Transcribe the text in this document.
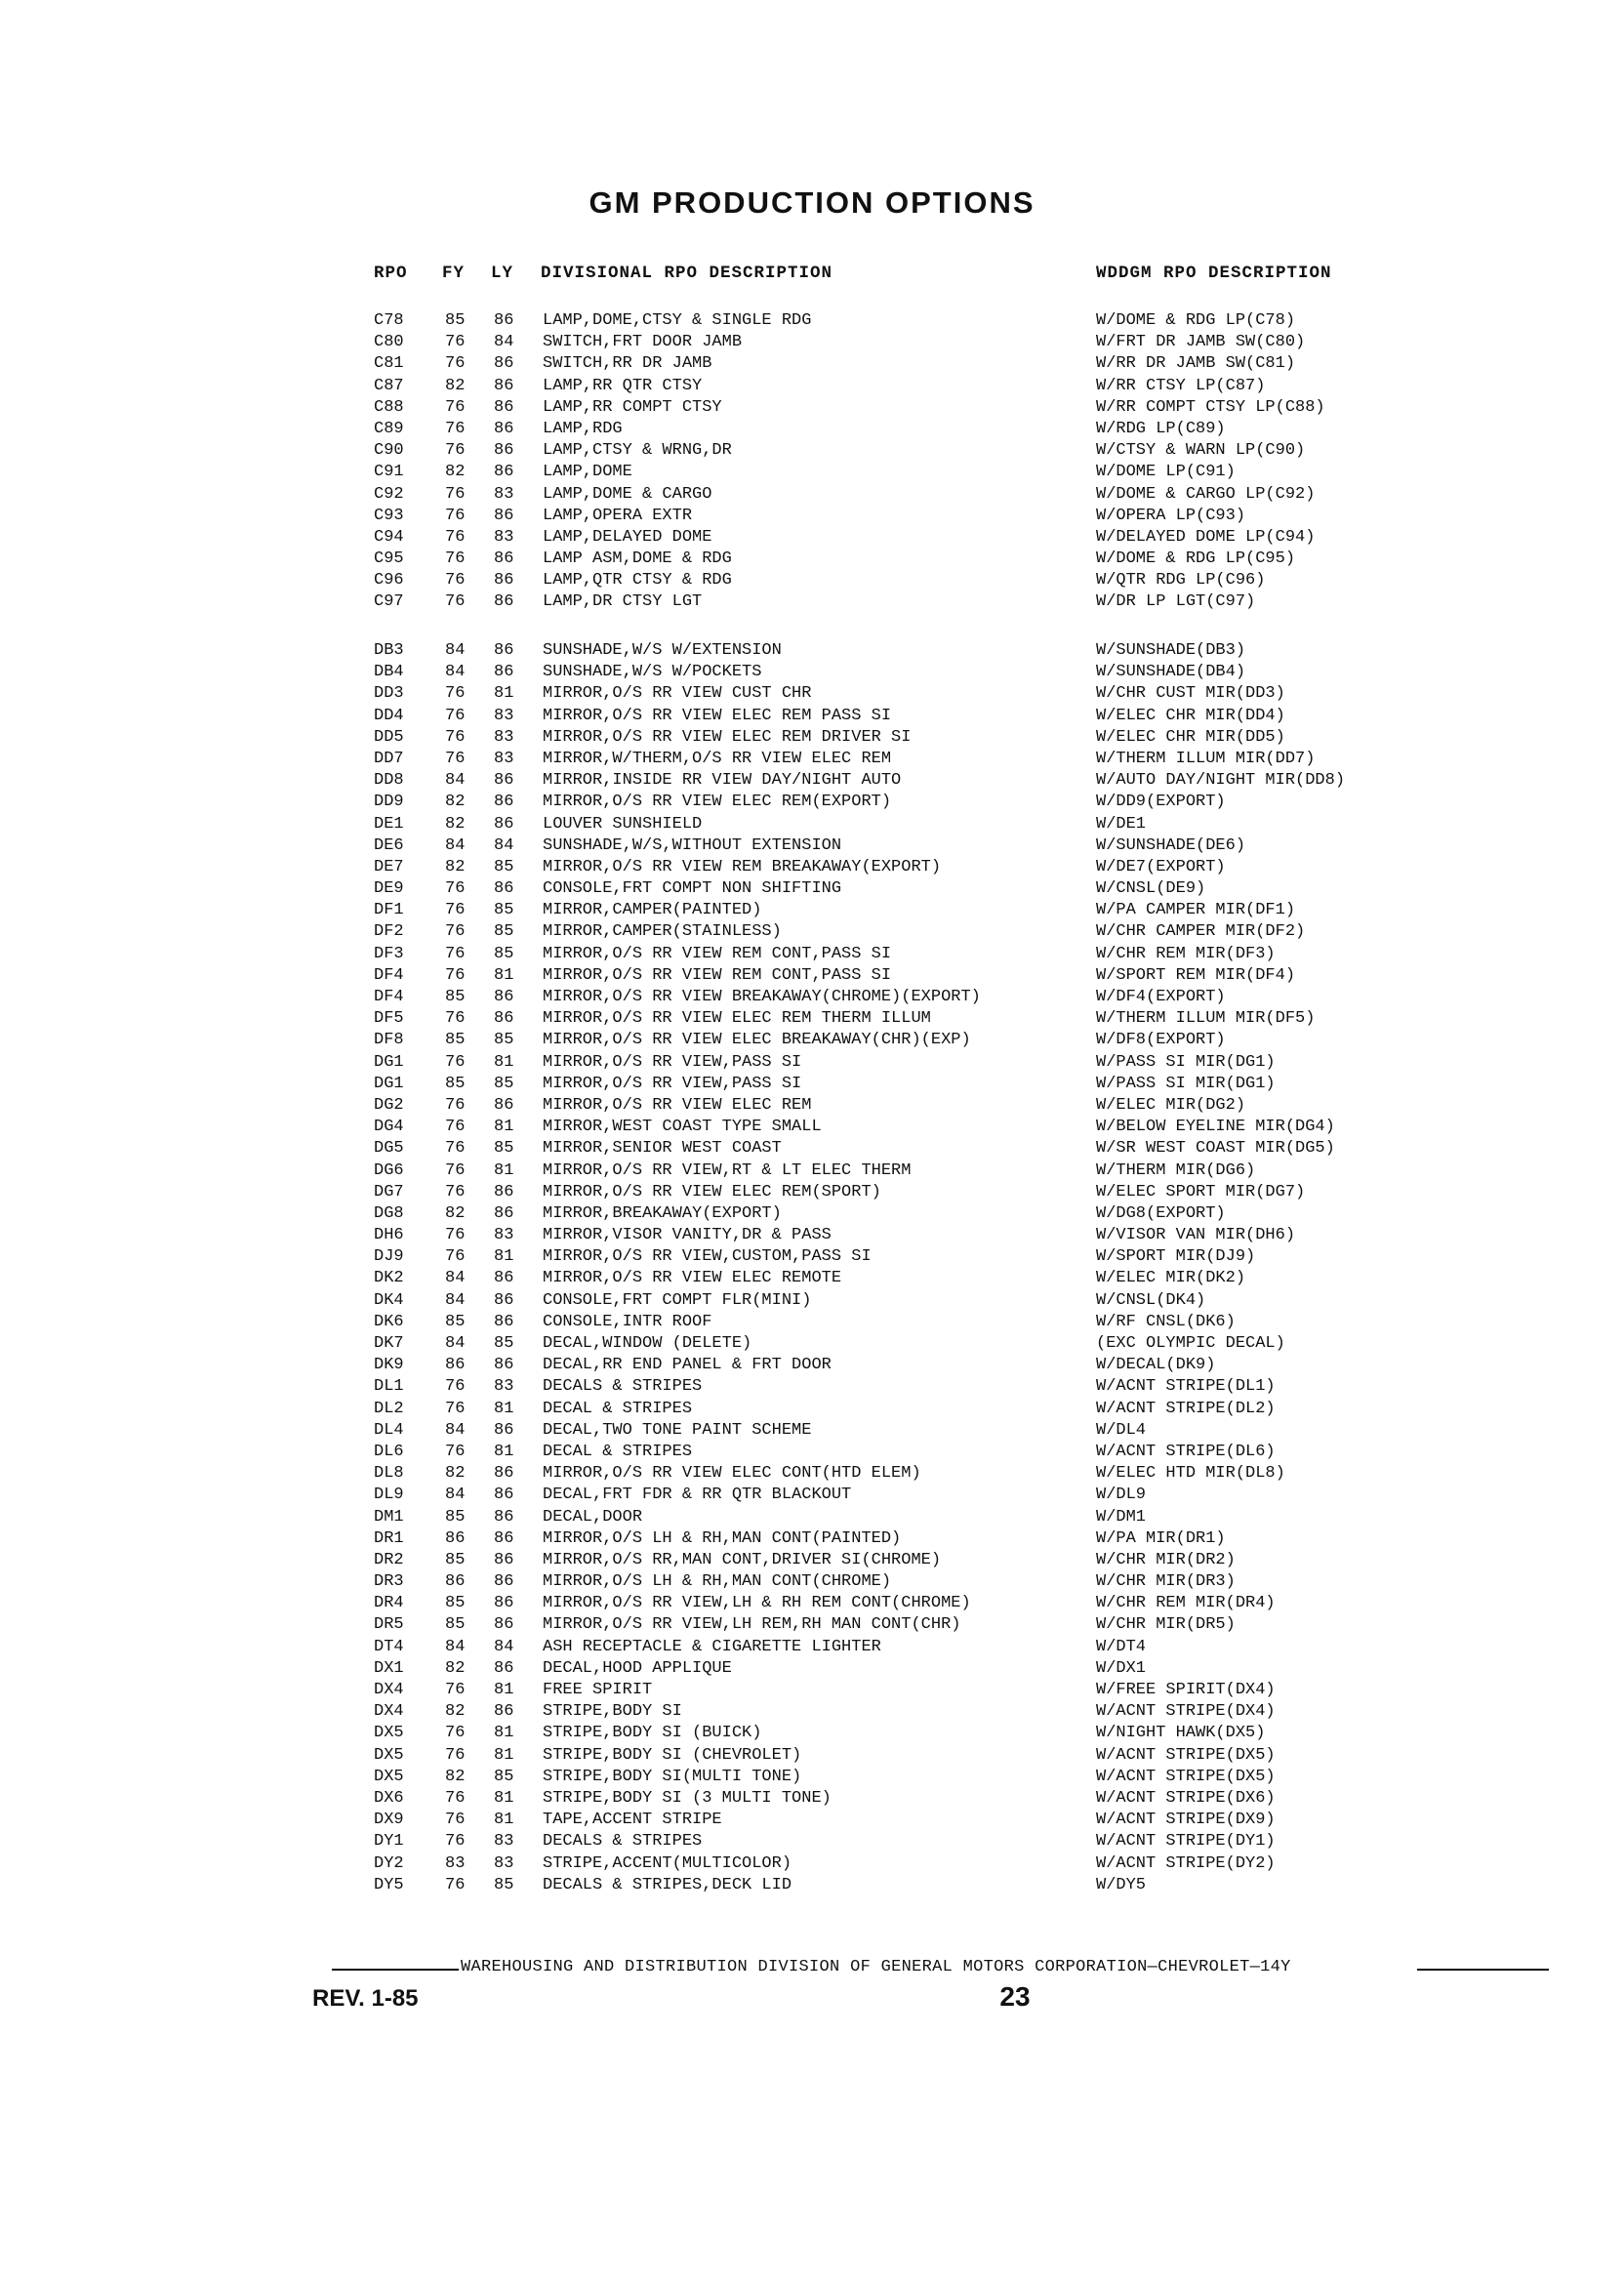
GM PRODUCTION OPTIONS
RPO FY LY DIVISIONAL RPO DESCRIPTION	WDDGM RPO DESCRIPTION
C78 85 86 LAMP,DOME,CTSY & SINGLE RDG	W/DOME & RDG LP(C78)
C80 76 84 SWITCH,FRT DOOR JAMB	W/FRT DR JAMB SW(C80)
C81 76 86 SWITCH,RR DR JAMB	W/RR DR JAMB SW(C81)
C87 82 86 LAMP,RR QTR CTSY	W/RR CTSY LP(C87)
C88 76 86 LAMP,RR COMPT CTSY	W/RR COMPT CTSY LP(C88)
C89 76 86 LAMP,RDG	W/RDG LP(C89)
C90 76 86 LAMP,CTSY & WRNG,DR	W/CTSY & WARN LP(C90)
C91 82 86 LAMP,DOME	W/DOME LP(C91)
C92 76 83 LAMP,DOME & CARGO	W/DOME & CARGO LP(C92)
C93 76 86 LAMP,OPERA EXTR	W/OPERA LP(C93)
C94 76 83 LAMP,DELAYED DOME	W/DELAYED DOME LP(C94)
C95 76 86 LAMP ASM,DOME & RDG	W/DOME & RDG LP(C95)
C96 76 86 LAMP,QTR CTSY & RDG	W/QTR RDG LP(C96)
C97 76 86 LAMP,DR CTSY LGT	W/DR LP LGT(C97)
DB3 84 86 SUNSHADE,W/S W/EXTENSION	W/SUNSHADE(DB3)
DB4 84 86 SUNSHADE,W/S W/POCKETS	W/SUNSHADE(DB4)
DD3 76 81 MIRROR,O/S RR VIEW CUST CHR	W/CHR CUST MIR(DD3)
DD4 76 83 MIRROR,O/S RR VIEW ELEC REM PASS SI	W/ELEC CHR MIR(DD4)
DD5 76 83 MIRROR,O/S RR VIEW ELEC REM DRIVER SI	W/ELEC CHR MIR(DD5)
DD7 76 83 MIRROR,W/THERM,O/S RR VIEW ELEC REM	W/THERM ILLUM MIR(DD7)
DD8 84 86 MIRROR,INSIDE RR VIEW DAY/NIGHT AUTO	W/AUTO DAY/NIGHT MIR(DD8)
DD9 82 86 MIRROR,O/S RR VIEW ELEC REM(EXPORT)	W/DD9(EXPORT)
DE1 82 86 LOUVER SUNSHIELD	W/DE1
DE6 84 84 SUNSHADE,W/S,WITHOUT EXTENSION	W/SUNSHADE(DE6)
DE7 82 85 MIRROR,O/S RR VIEW REM BREAKAWAY(EXPORT)	W/DE7(EXPORT)
DE9 76 86 CONSOLE,FRT COMPT NON SHIFTING	W/CNSL(DE9)
DF1 76 85 MIRROR,CAMPER(PAINTED)	W/PA CAMPER MIR(DF1)
DF2 76 85 MIRROR,CAMPER(STAINLESS)	W/CHR CAMPER MIR(DF2)
DF3 76 85 MIRROR,O/S RR VIEW REM CONT,PASS SI	W/CHR REM MIR(DF3)
DF4 76 81 MIRROR,O/S RR VIEW REM CONT,PASS SI	W/SPORT REM MIR(DF4)
DF4 85 86 MIRROR,O/S RR VIEW BREAKAWAY(CHROME)(EXPORT)	W/DF4(EXPORT)
DF5 76 86 MIRROR,O/S RR VIEW ELEC REM THERM ILLUM	W/THERM ILLUM MIR(DF5)
DF8 85 85 MIRROR,O/S RR VIEW ELEC BREAKAWAY(CHR)(EXP)	W/DF8(EXPORT)
DG1 76 81 MIRROR,O/S RR VIEW,PASS SI	W/PASS SI MIR(DG1)
DG1 85 85 MIRROR,O/S RR VIEW,PASS SI	W/PASS SI MIR(DG1)
DG2 76 86 MIRROR,O/S RR VIEW ELEC REM	W/ELEC MIR(DG2)
DG4 76 81 MIRROR,WEST COAST TYPE SMALL	W/BELOW EYELINE MIR(DG4)
DG5 76 85 MIRROR,SENIOR WEST COAST	W/SR WEST COAST MIR(DG5)
DG6 76 81 MIRROR,O/S RR VIEW,RT & LT ELEC THERM	W/THERM MIR(DG6)
DG7 76 86 MIRROR,O/S RR VIEW ELEC REM(SPORT)	W/ELEC SPORT MIR(DG7)
DG8 82 86 MIRROR,BREAKAWAY(EXPORT)	W/DG8(EXPORT)
DH6 76 83 MIRROR,VISOR VANITY,DR & PASS	W/VISOR VAN MIR(DH6)
DJ9 76 81 MIRROR,O/S RR VIEW,CUSTOM,PASS SI	W/SPORT MIR(DJ9)
DK2 84 86 MIRROR,O/S RR VIEW ELEC REMOTE	W/ELEC MIR(DK2)
DK4 84 86 CONSOLE,FRT COMPT FLR(MINI)	W/CNSL(DK4)
DK6 85 86 CONSOLE,INTR ROOF	W/RF CNSL(DK6)
DK7 84 85 DECAL,WINDOW (DELETE)	(EXC OLYMPIC DECAL)
DK9 86 86 DECAL,RR END PANEL & FRT DOOR	W/DECAL(DK9)
DL1 76 83 DECALS & STRIPES	W/ACNT STRIPE(DL1)
DL2 76 81 DECAL & STRIPES	W/ACNT STRIPE(DL2)
DL4 84 86 DECAL,TWO TONE PAINT SCHEME	W/DL4
DL6 76 81 DECAL & STRIPES	W/ACNT STRIPE(DL6)
DL8 82 86 MIRROR,O/S RR VIEW ELEC CONT(HTD ELEM)	W/ELEC HTD MIR(DL8)
DL9 84 86 DECAL,FRT FDR & RR QTR BLACKOUT	W/DL9
DM1 85 86 DECAL,DOOR	W/DM1
DR1 86 86 MIRROR,O/S LH & RH,MAN CONT(PAINTED)	W/PA MIR(DR1)
DR2 85 86 MIRROR,O/S RR,MAN CONT,DRIVER SI(CHROME)	W/CHR MIR(DR2)
DR3 86 86 MIRROR,O/S LH & RH,MAN CONT(CHROME)	W/CHR MIR(DR3)
DR4 85 86 MIRROR,O/S RR VIEW,LH & RH REM CONT(CHROME)	W/CHR REM MIR(DR4)
DR5 85 86 MIRROR,O/S RR VIEW,LH REM,RH MAN CONT(CHR)	W/CHR MIR(DR5)
DT4 84 84 ASH RECEPTACLE & CIGARETTE LIGHTER	W/DT4
DX1 82 86 DECAL,HOOD APPLIQUE	W/DX1
DX4 76 81 FREE SPIRIT	W/FREE SPIRIT(DX4)
DX4 82 86 STRIPE,BODY SI	W/ACNT STRIPE(DX4)
DX5 76 81 STRIPE,BODY SI (BUICK)	W/NIGHT HAWK(DX5)
DX5 76 81 STRIPE,BODY SI (CHEVROLET)	W/ACNT STRIPE(DX5)
DX5 82 85 STRIPE,BODY SI(MULTI TONE)	W/ACNT STRIPE(DX5)
DX6 76 81 STRIPE,BODY SI (3 MULTI TONE)	W/ACNT STRIPE(DX6)
DX9 76 81 TAPE,ACCENT STRIPE	W/ACNT STRIPE(DX9)
DY1 76 83 DECALS & STRIPES	W/ACNT STRIPE(DY1)
DY2 83 83 STRIPE,ACCENT(MULTICOLOR)	W/ACNT STRIPE(DY2)
DY5 76 85 DECALS & STRIPES,DECK LID	W/DY5
WAREHOUSING AND DISTRIBUTION DIVISION OF GENERAL MOTORS CORPORATION—CHEVROLET—14Y
REV. 1-85	23
